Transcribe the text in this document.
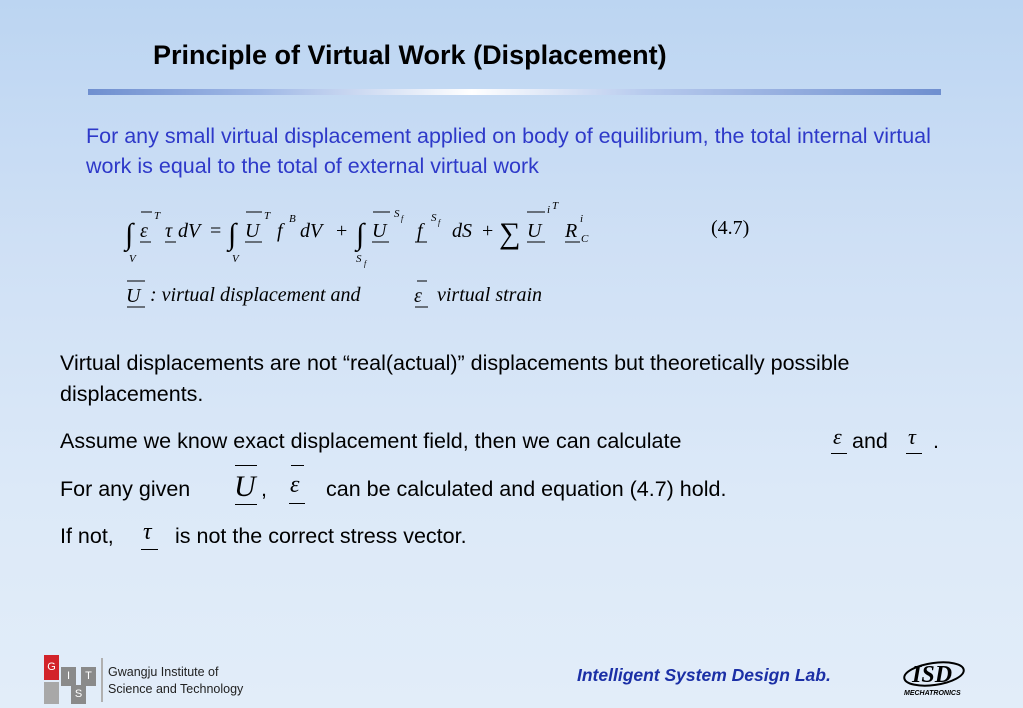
Principle of Virtual Work (Displacement)
For any small virtual displacement applied on body of equilibrium, the total internal virtual work is equal to the total of external virtual work
∫
V
T
ε τ dV = ∫
V
T
U f
B
dV + ∫
S f
S f
U f
S f dS + ∑
i T
U R
i
C	(4.7)
U	ε
: virtual displacement and	virtual strain
Virtual displacements are not “real(actual)” displacements but theoretically possible displacements.
Assume we know exact displacement field, then we can calculate	ε and τ .
For any given U , ε can be calculated and equation (4.7) hold.
If not, τ is not the correct stress vector.
G
I
S
T	Gwangju Institute of
Science and Technology
Intelligent System Design Lab.	ISD
MECHATRONICS
